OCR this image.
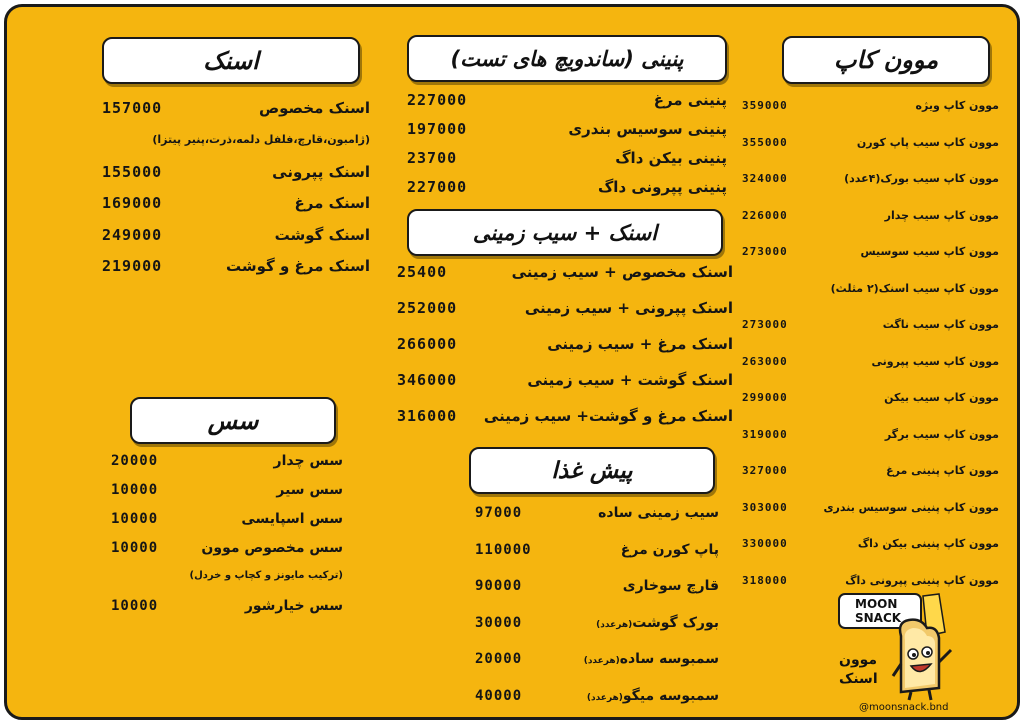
اسنک
157000	اسنک مخصوص
155000	اسنک پپرونی
169000	اسنک مرغ
249000	اسنک گوشت
219000	اسنک مرغ و گوشت
(ژامبون،قارچ،فلفل دلمه،ذرت،پنیر پیتزا)
سس
20000	سس چدار
10000	سس سیر
10000	سس اسپایسی
10000	سس مخصوص موون
10000	سس خیارشور
(ترکیب مایونز و کچاپ و خردل)
پنینی (ساندویچ های تست)
227000	پنینی مرغ
197000	پنینی سوسیس بندری
23700	پنینی بیکن داگ
227000	پنینی پپرونی داگ
اسنک + سیب زمینی
25400	اسنک مخصوص + سیب زمینی
252000	اسنک پپرونی + سیب زمینی
266000	اسنک مرغ + سیب زمینی
346000	اسنک گوشت + سیب زمینی
316000 اسنک مرغ و گوشت+ سیب زمینی
پیش غذا
97000	سیب زمینی ساده
110000	پاپ کورن مرغ
90000	قارچ سوخاری
30000	بورک گوشت(هرعدد)
20000	سمبوسه ساده(هرعدد)
40000	سمبوسه میگو(هرعدد)
موون کاپ
359000	موون کاپ ویژه
355000	موون کاپ سیب پاپ کورن
324000	موون کاپ سیب بورک(۴عدد)
226000	موون کاپ سیب چدار
273000	موون کاپ سیب سوسیس
موون کاپ سیب اسنک(۲ مثلث)
273000	موون کاپ سیب ناگت
263000	موون کاپ سیب پپرونی
299000	موون کاپ سیب بیکن
319000	موون کاپ سیب برگر
327000	موون کاپ پنینی مرغ
303000	موون کاپ پنینی سوسیس بندری
330000	موون کاپ پنینی بیکن داگ
318000	موون کاپ پنینی پپرونی داگ
MOON
SNACK
موون
اسنک
@moonsnack.bnd
